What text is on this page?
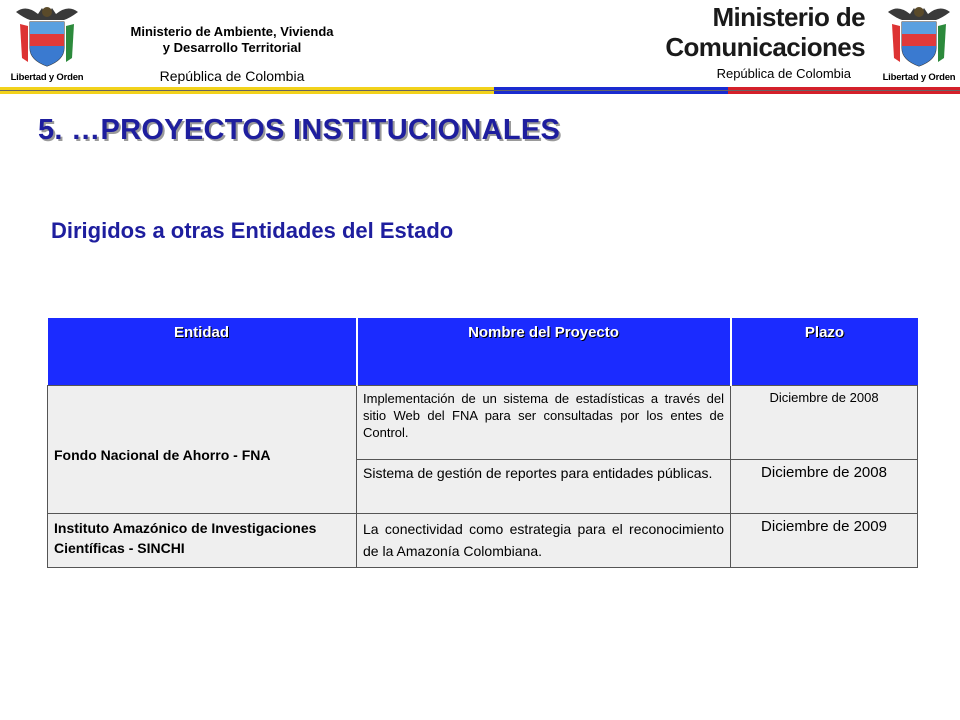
Libertad y Orden
Ministerio de Ambiente, Vivienda
y Desarrollo Territorial
República de Colombia
Ministerio de
Comunicaciones
República de Colombia	Libertad y Orden
5. …PROYECTOS INSTITUCIONALES
Dirigidos a otras Entidades del Estado
Entidad	Nombre del Proyecto	Plazo
Fondo Nacional de Ahorro - FNA	Implementación de un sistema de estadísticas a través del sitio Web del FNA para ser consultadas por los entes de Control.	Diciembre de 2008
	Sistema de gestión de reportes para entidades públicas.	Diciembre de 2008
Instituto Amazónico de Investigaciones Científicas - SINCHI	La conectividad como estrategia para el reconocimiento de la Amazonía Colombiana.	Diciembre de 2009
